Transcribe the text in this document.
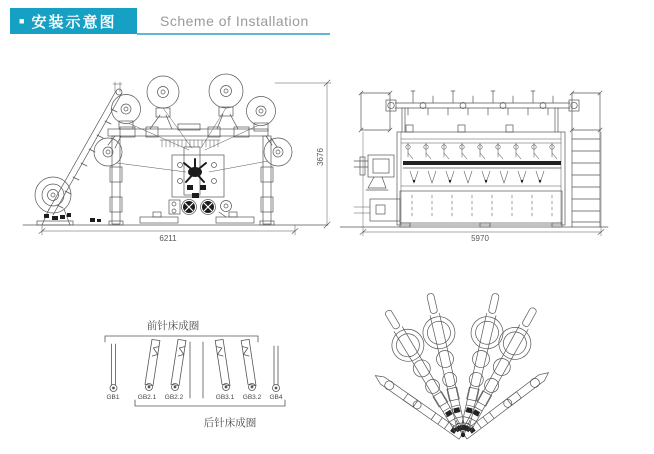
■ 安装示意图	Scheme of Installation
6211
3676
5970
前针床成圈
后针床成圈
GB1	GB2.1 GB2.2	GB3.1 GB3.2 GB4
